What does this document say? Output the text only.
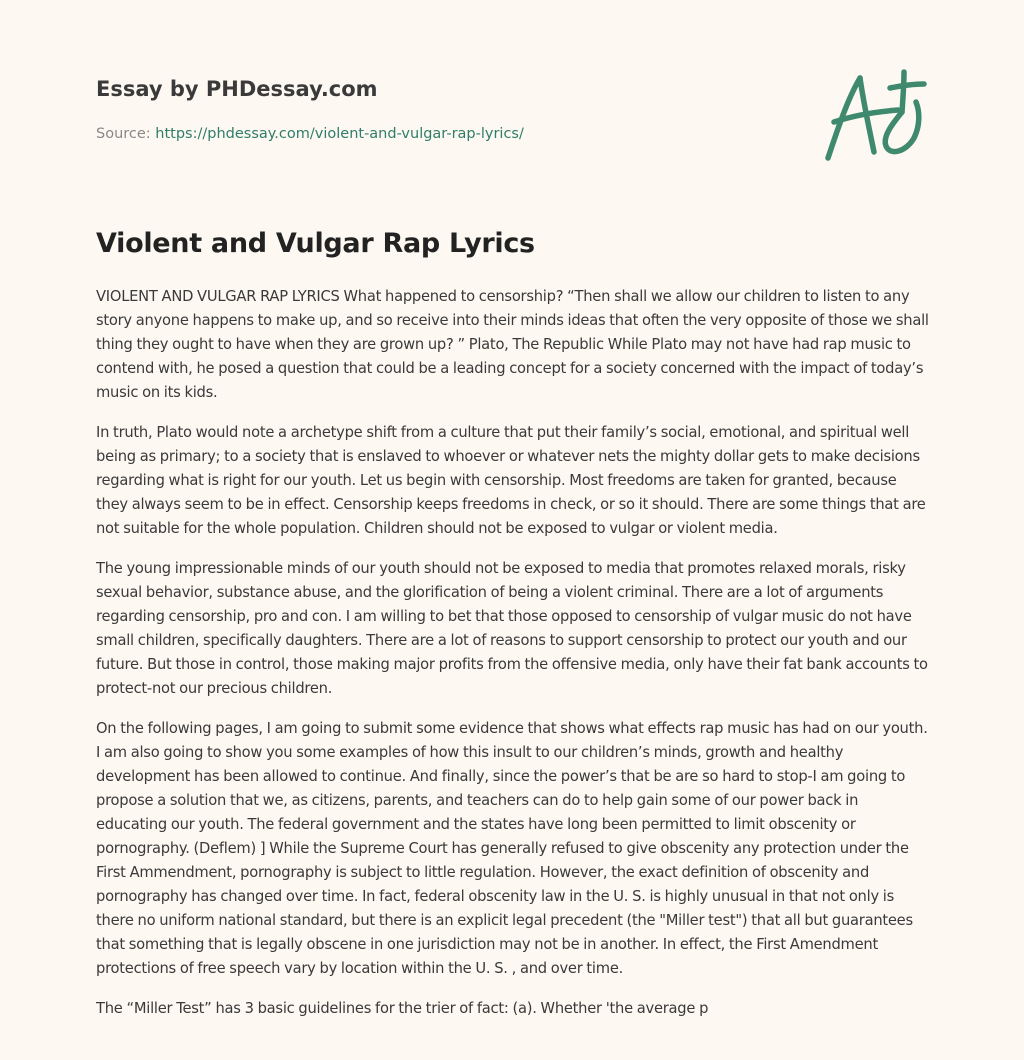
Essay by PHDessay.com
Source: https://phdessay.com/violent-and-vulgar-rap-lyrics/
Violent and Vulgar Rap Lyrics

VIOLENT AND VULGAR RAP LYRICS What happened to censorship? “Then shall we allow our children to listen to any story anyone happens to make up, and so receive into their minds ideas that often the very opposite of those we shall thing they ought to have when they are grown up? ” Plato, The Republic While Plato may not have had rap music to contend with, he posed a question that could be a leading concept for a society concerned with the impact of today’s music on its kids.

In truth, Plato would note a archetype shift from a culture that put their family’s social, emotional, and spiritual well being as primary; to a society that is enslaved to whoever or whatever nets the mighty dollar gets to make decisions regarding what is right for our youth. Let us begin with censorship. Most freedoms are taken for granted, because they always seem to be in effect. Censorship keeps freedoms in check, or so it should. There are some things that are not suitable for the whole population. Children should not be exposed to vulgar or violent media.

The young impressionable minds of our youth should not be exposed to media that promotes relaxed morals, risky sexual behavior, substance abuse, and the glorification of being a violent criminal. There are a lot of arguments regarding censorship, pro and con. I am willing to bet that those opposed to censorship of vulgar music do not have small children, specifically daughters. There are a lot of reasons to support censorship to protect our youth and our future. But those in control, those making major profits from the offensive media, only have their fat bank accounts to protect-not our precious children.

On the following pages, I am going to submit some evidence that shows what effects rap music has had on our youth. I am also going to show you some examples of how this insult to our children’s minds, growth and healthy development has been allowed to continue. And finally, since the power’s that be are so hard to stop-I am going to propose a solution that we, as citizens, parents, and teachers can do to help gain some of our power back in educating our youth. The federal government and the states have long been permitted to limit obscenity or pornography. (Deflem) ] While the Supreme Court has generally refused to give obscenity any protection under the First Ammendment, pornography is subject to little regulation. However, the exact definition of obscenity and pornography has changed over time. In fact, federal obscenity law in the U. S. is highly unusual in that not only is there no uniform national standard, but there is an explicit legal precedent (the "Miller test") that all but guarantees that something that is legally obscene in one jurisdiction may not be in another. In effect, the First Amendment protections of free speech vary by location within the U. S. , and over time.

The “Miller Test” has 3 basic guidelines for the trier of fact: (a). Whether 'the average p
